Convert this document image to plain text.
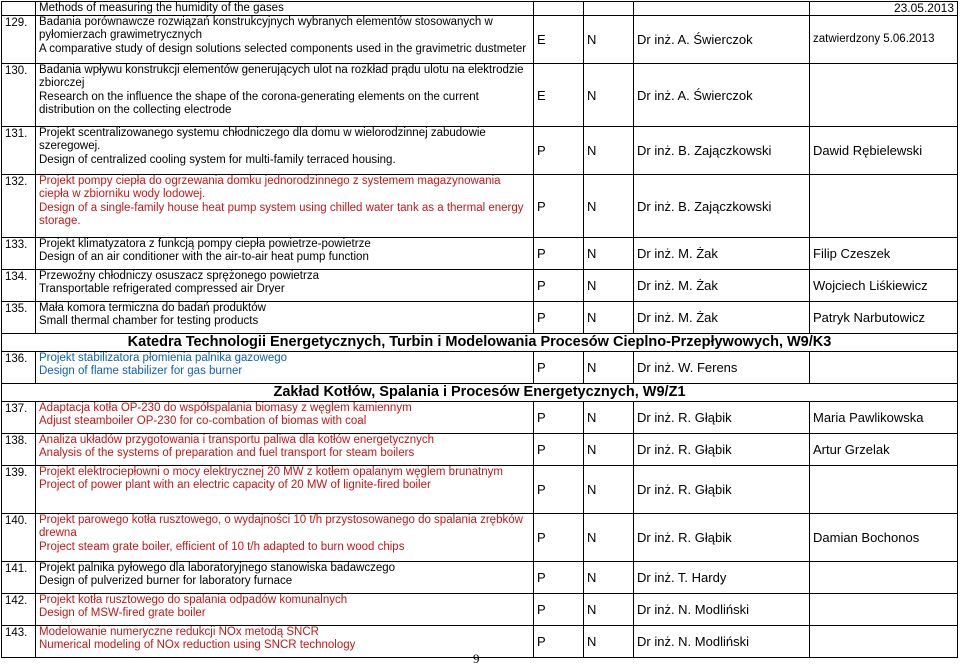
	Methods of measuring the humidity of the gases				23.05.2013
129.	Badania porównawcze rozwiązań konstrukcyjnych wybranych elementów stosowanych w pyłomierzach grawimetrycznych
A comparative study of design solutions selected components used in the gravimetric dustmeter	E	N	Dr inż. A. Świerczok	zatwierdzony 5.06.2013
130.	Badania wpływu konstrukcji elementów generujących ulot na rozkład prądu ulotu na elektrodzie zbiorczej
Research on the influence the shape of the corona-generating elements on the current distribution on the collecting electrode	E	N	Dr inż. A. Świerczok	
131.	Projekt scentralizowanego systemu chłodniczego dla domu w wielorodzinnej zabudowie szeregowej.
Design of centralized cooling system for multi-family terraced housing.	P	N	Dr inż. B. Zajączkowski	Dawid Rębielewski
132.	Projekt pompy ciepła do ogrzewania domku jednorodzinnego z systemem magazynowania ciepła w zbiorniku wody lodowej.
Design of a single-family house heat pump system using chilled water tank as a thermal energy storage.	P	N	Dr inż. B. Zajączkowski	
133.	Projekt klimatyzatora z funkcją pompy ciepła powietrze-powietrze
Design of an air conditioner with the air-to-air heat pump function	P	N	Dr inż. M. Żak	Filip Czeszek
134.	Przewoźny chłodniczy osuszacz sprężonego powietrza
Transportable refrigerated compressed air Dryer	P	N	Dr inż. M. Żak	Wojciech Liśkiewicz
135.	Mała komora termiczna do badań produktów
Small thermal chamber for testing products	P	N	Dr inż. M. Żak	Patryk Narbutowicz
Katedra Technologii Energetycznych, Turbin i Modelowania Procesów Cieplno-Przepływowych, W9/K3					
136.	Projekt stabilizatora płomienia palnika gazowego
Design of flame stabilizer for gas burner	P	N	Dr inż. W. Ferens	
Zakład Kotłów, Spalania i Procesów Energetycznych, W9/Z1					
137.	Adaptacja kotła OP-230 do współspalania biomasy z węglem kamiennym
Adjust steamboiler OP-230 for co-combation of biomas with coal	P	N	Dr inż. R. Głąbik	Maria Pawlikowska
138.	Analiza układów przygotowania i transportu paliwa dla kotłów energetycznych
Analysis of the systems of preparation and fuel transport for steam boilers	P	N	Dr inż. R. Głąbik	Artur Grzelak
139.	Projekt elektrociepłowni o mocy elektrycznej 20 MW z kotłem opalanym węglem brunatnym
Project of power plant with an electric capacity of 20 MW of lignite-fired boiler	P	N	Dr inż. R. Głąbik	
140.	Projekt parowego kotła rusztowego, o wydajności 10 t/h przystosowanego do spalania zrębków drewna
Project steam grate boiler, efficient of 10 t/h adapted to burn wood chips	P	N	Dr inż. R. Głąbik	Damian Bochonos
141.	Projekt palnika pyłowego dla laboratoryjnego stanowiska badawczego
Design of pulverized burner for laboratory furnace	P	N	Dr inż. T. Hardy	
142.	Projekt kotła rusztowego do spalania odpadów komunalnych
Design of MSW-fired grate boiler	P	N	Dr inż. N. Modliński	
143.	Modelowanie numeryczne redukcji NOx metodą SNCR
Numerical modeling of NOx reduction using SNCR technology	P	N	Dr inż. N. Modliński	
9
